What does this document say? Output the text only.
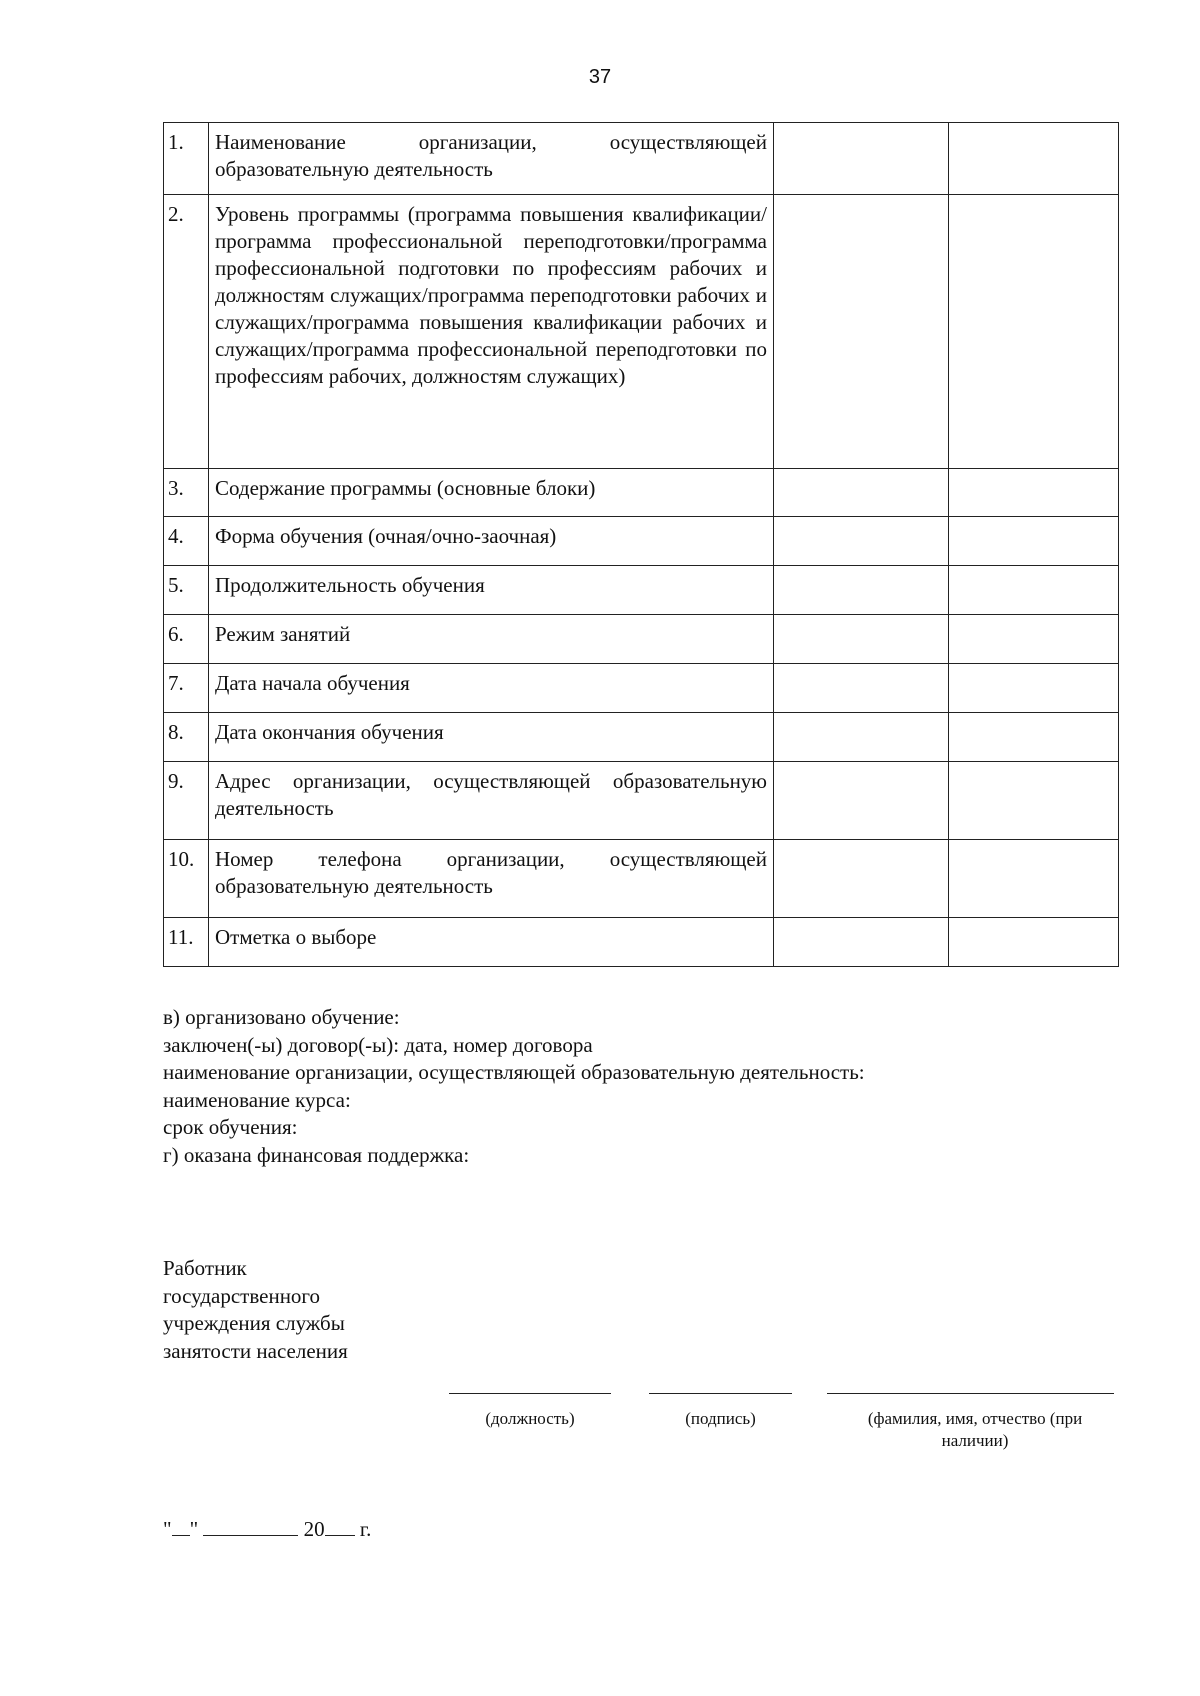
37
1.	Наименование организации, осуществляющей образовательную деятельность		
2.	Уровень программы (программа повышения квалификации/программа профессиональной переподготовки/программа профессиональной подготовки по профессиям рабочих и должностям служащих/программа переподготовки рабочих и служащих/программа повышения квалификации рабочих и служащих/программа профессиональной переподготовки по профессиям рабочих, должностям служащих)		
3.	Содержание программы (основные блоки)		
4.	Форма обучения (очная/очно-заочная)		
5.	Продолжительность обучения		
6.	Режим занятий		
7.	Дата начала обучения		
8.	Дата окончания обучения		
9.	Адрес организации, осуществляющей образовательную деятельность		
10.	Номер телефона организации, осуществляющей образовательную деятельность		
11.	Отметка о выборе		
в) организовано обучение:
заключен(-ы) договор(-ы): дата, номер договора
наименование организации, осуществляющей образовательную деятельность:
наименование курса:
срок обучения:
г) оказана финансовая поддержка:
Работник
государственного
учреждения службы
занятости населения
(должность)	(подпись)	(фамилия, имя, отчество (при наличии)
" "	20 г.
